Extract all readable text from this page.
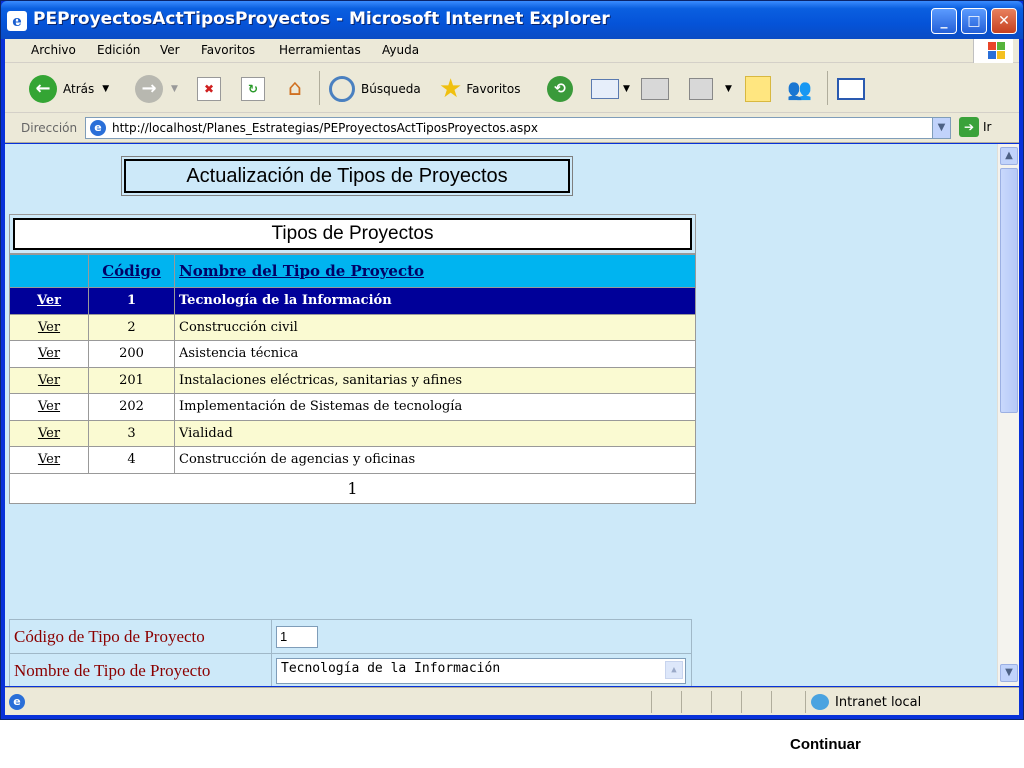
e PEProyectosActTiposProyectos - Microsoft Internet Explorer	_	□	✕
Archivo Edición Ver Favoritos Herramientas Ayuda
←	Atrás ▼	→	▼	✖	↻	⌂	Búsqueda ★ Favoritos	⟲	▼	▼	👥
Dirección	e http://localhost/Planes_Estrategias/PEProyectosActTiposProyectos.aspx	▼	➔ Ir
Actualización de Tipos de Proyectos
Tipos de Proyectos
	Código	Nombre del Tipo de Proyecto
Ver	1	Tecnología de la Información
Ver	2	Construcción civil
Ver	200	Asistencia técnica
Ver	201	Instalaciones eléctricas, sanitarias y afines
Ver	202	Implementación de Sistemas de tecnología
Ver	3	Vialidad
Ver	4	Construcción de agencias y oficinas
1		
Código de Tipo de Proyecto	1
Nombre de Tipo de Proyecto	Tecnología de la Información ▲
▲
▼
e	Intranet local
Continuar
